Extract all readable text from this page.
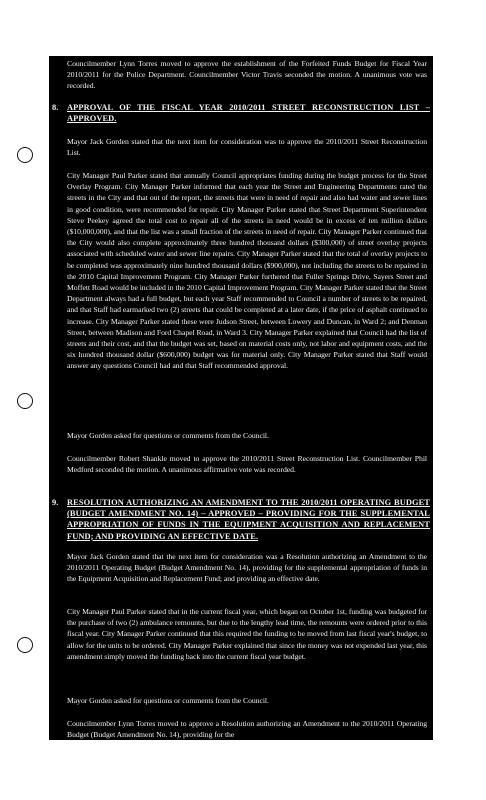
Councilmember Lynn Torres moved to approve the establishment of the Forfeited Funds Budget for Fiscal Year 2010/2011 for the Police Department. Councilmember Victor Travis seconded the motion. A unanimous vote was recorded.

8. APPROVAL OF THE FISCAL YEAR 2010/2011 STREET RECONSTRUCTION LIST – APPROVED.

Mayor Jack Gorden stated that the next item for consideration was to approve the 2010/2011 Street Reconstruction List.

City Manager Paul Parker stated that annually Council appropriates funding during the budget process for the Street Overlay Program. City Manager Parker informed that each year the Street and Engineering Departments rated the streets in the City and that out of the report, the streets that were in need of repair and also had water and sewer lines in good condition, were recommended for repair. City Manager Parker stated that Street Department Superintendent Steve Peekey agreed the total cost to repair all of the streets in need would be in excess of ten million dollars ($10,000,000), and that the list was a small fraction of the streets in need of repair. City Manager Parker continued that the City would also complete approximately three hundred thousand dollars ($300,000) of street overlay projects associated with scheduled water and sewer line repairs. City Manager Parker stated that the total of overlay projects to be completed was approximately nine hundred thousand dollars ($900,000), not including the streets to be repaired in the 2010 Capital Improvement Program. City Manager Parker furthered that Fuller Springs Drive, Sayers Street and Moffett Road would be included in the 2010 Capital Improvement Program. City Manager Parker stated that the Street Department always had a full budget, but each year Staff recommended to Council a number of streets to be repaired, and that Staff had earmarked two (2) streets that could be completed at a later date, if the price of asphalt continued to increase. City Manager Parker stated these were Judson Street, between Lowery and Duncan, in Ward 2; and Denman Street, between Madison and Ford Chapel Road, in Ward 3. City Manager Parker explained that Council had the list of streets and their cost, and that the budget was set, based on material costs only, not labor and equipment costs, and the six hundred thousand dollar ($600,000) budget was for material only. City Manager Parker stated that Staff would answer any questions Council had and that Staff recommended approval.

Mayor Gorden asked for questions or comments from the Council.

Councilmember Robert Shankle moved to approve the 2010/2011 Street Reconstruction List. Councilmember Phil Medford seconded the motion. A unanimous affirmative vote was recorded.

9. RESOLUTION AUTHORIZING AN AMENDMENT TO THE 2010/2011 OPERATING BUDGET (BUDGET AMENDMENT NO. 14) – APPROVED – PROVIDING FOR THE SUPPLEMENTAL APPROPRIATION OF FUNDS IN THE EQUIPMENT ACQUISITION AND REPLACEMENT FUND; AND PROVIDING AN EFFECTIVE DATE.

Mayor Jack Gorden stated that the next item for consideration was a Resolution authorizing an Amendment to the 2010/2011 Operating Budget (Budget Amendment No. 14), providing for the supplemental appropriation of funds in the Equipment Acquisition and Replacement Fund; and providing an effective date.

City Manager Paul Parker stated that in the current fiscal year, which began on October 1st, funding was budgeted for the purchase of two (2) ambulance remounts, but due to the lengthy lead time, the remounts were ordered prior to this fiscal year. City Manager Parker continued that this required the funding to be moved from last fiscal year's budget, to allow for the units to be ordered. City Manager Parker explained that since the money was not expended last year, this amendment simply moved the funding back into the current fiscal year budget.

Mayor Gorden asked for questions or comments from the Council.

Councilmember Lynn Torres moved to approve a Resolution authorizing an Amendment to the 2010/2011 Operating Budget (Budget Amendment No. 14), providing for the
